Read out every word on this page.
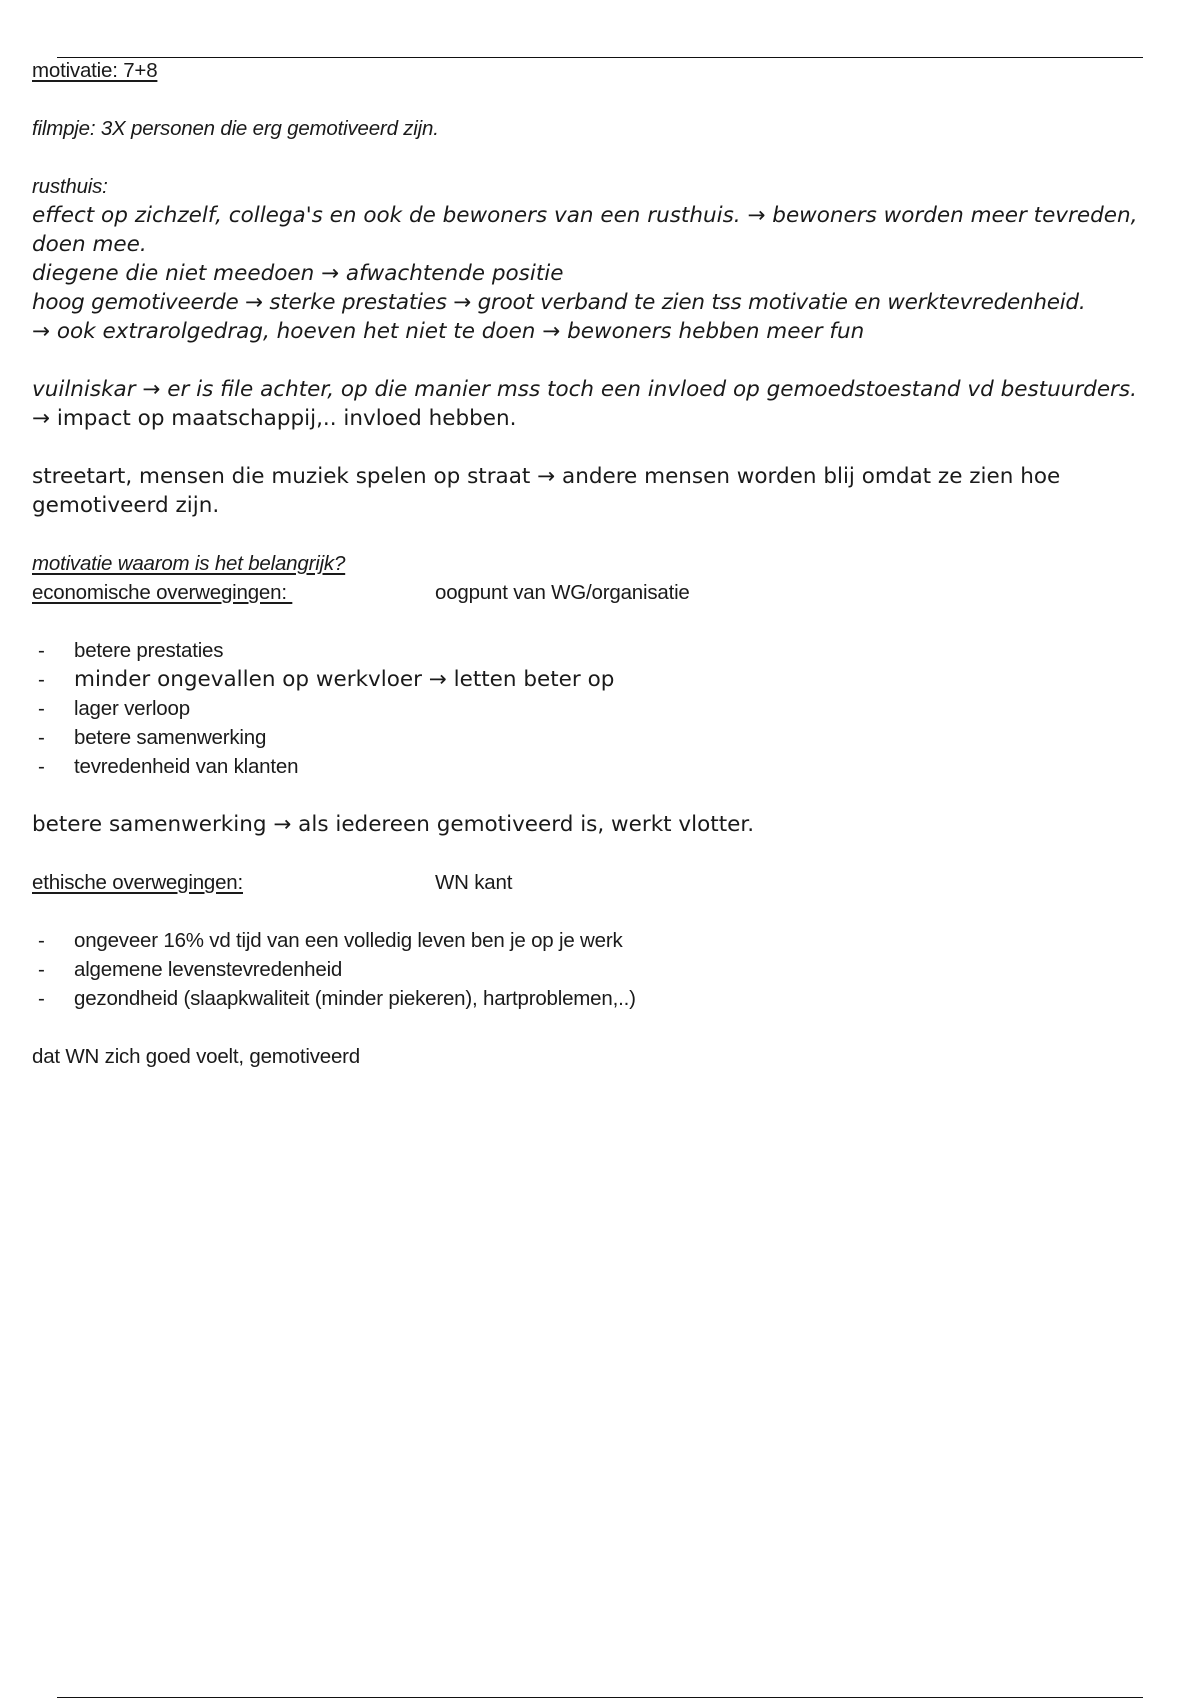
motivatie: 7+8
filmpje: 3X personen die erg gemotiveerd zijn.
rusthuis:
effect op zichzelf, collega's en ook de bewoners van een rusthuis. → bewoners worden meer tevreden, doen mee.
diegene die niet meedoen → afwachtende positie
hoog gemotiveerde → sterke prestaties → groot verband te zien tss motivatie en werktevredenheid.
→ ook extrarolgedrag, hoeven het niet te doen → bewoners hebben meer fun
vuilniskar → er is file achter, op die manier mss toch een invloed op gemoedstoestand vd bestuurders.
→ impact op maatschappij,.. invloed hebben.
streetart, mensen die muziek spelen op straat → andere mensen worden blij omdat ze zien hoe gemotiveerd zijn.
motivatie waarom is het belangrijk?
economische overwegingen:	oogpunt van WG/organisatie
- betere prestaties
- minder ongevallen op werkvloer → letten beter op
- lager verloop
- betere samenwerking
- tevredenheid van klanten
betere samenwerking → als iedereen gemotiveerd is, werkt vlotter.
ethische overwegingen:	WN kant
- ongeveer 16% vd tijd van een volledig leven ben je op je werk
- algemene levenstevredenheid
- gezondheid (slaapkwaliteit (minder piekeren), hartproblemen,..)
dat WN zich goed voelt, gemotiveerd
